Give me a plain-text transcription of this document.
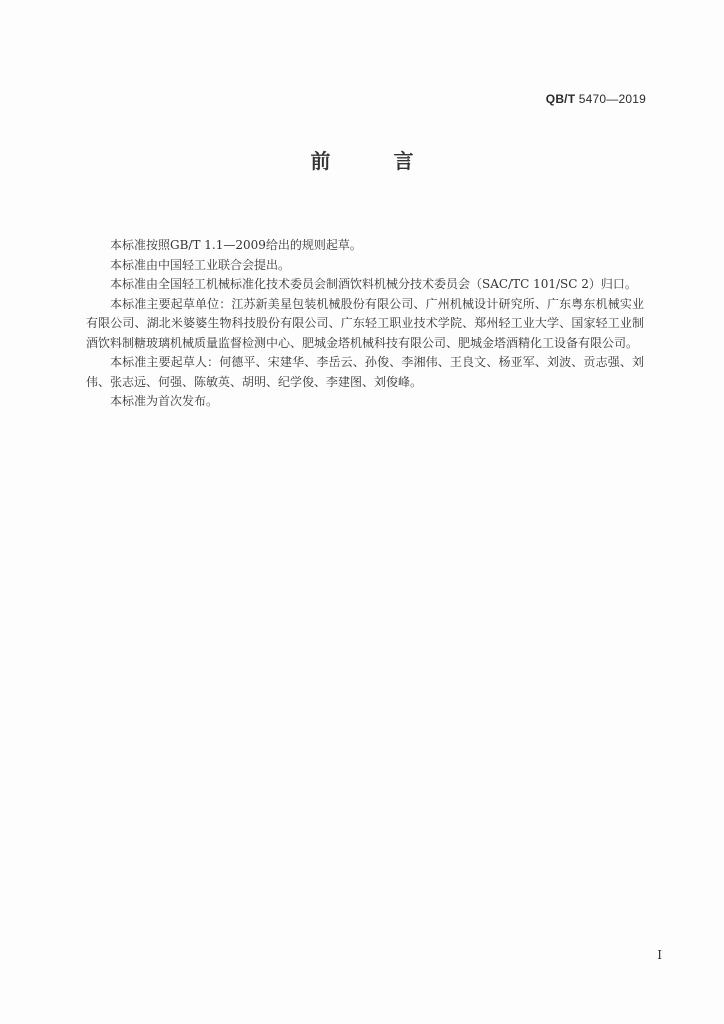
QB/T 5470—2019
前 言

本标准按照GB/T 1.1—2009给出的规则起草。

本标准由中国轻工业联合会提出。

本标准由全国轻工机械标准化技术委员会制酒饮料机械分技术委员会（SAC/TC 101/SC 2）归口。

本标准主要起草单位：江苏新美星包装机械股份有限公司、广州机械设计研究所、广东粤东机械实业有限公司、湖北米婆婆生物科技股份有限公司、广东轻工职业技术学院、郑州轻工业大学、国家轻工业制酒饮料制糖玻璃机械质量监督检测中心、肥城金塔机械科技有限公司、肥城金塔酒精化工设备有限公司。

本标准主要起草人：何德平、宋建华、李岳云、孙俊、李湘伟、王良文、杨亚军、刘波、贡志强、刘伟、张志远、何强、陈敏英、胡明、纪学俊、李建图、刘俊峰。

本标准为首次发布。

I
